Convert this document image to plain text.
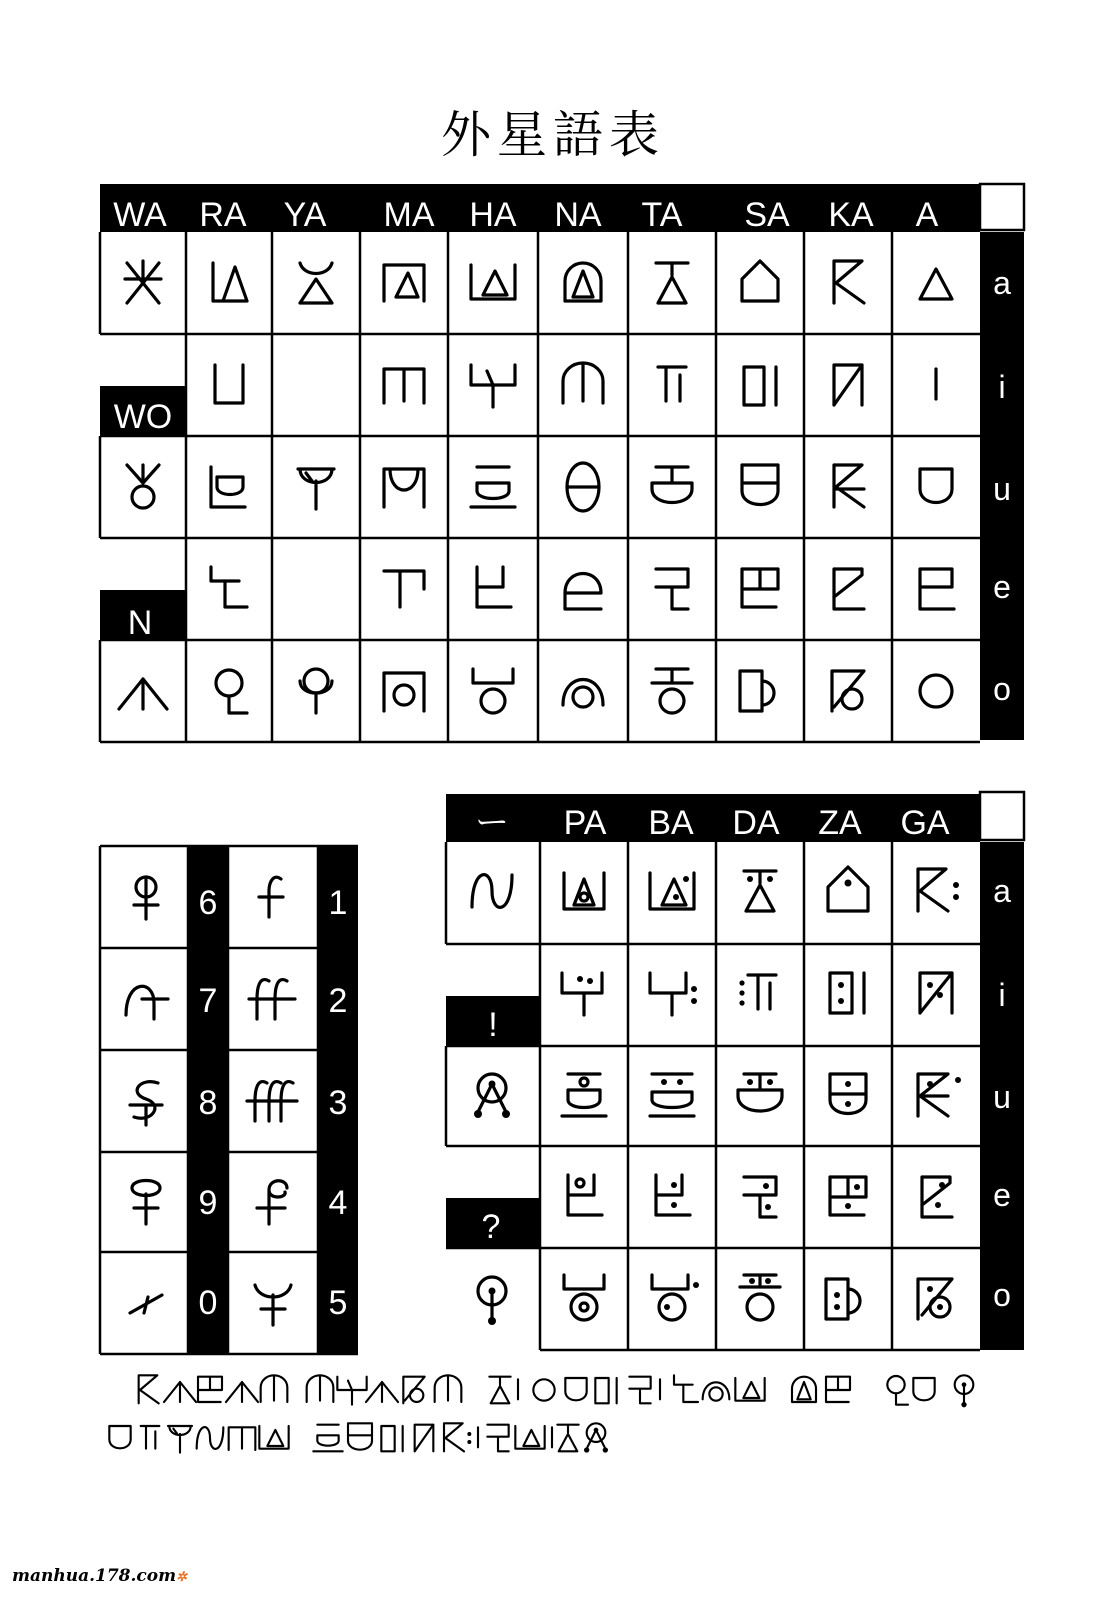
外星語表
WA RA YA MA HA NA TA SA KA A
a
i
u
e
o
WO
N
6
7
8
9
0
1
2
3
4
5
ー PA BA DA ZA GA
a
i
u
e
o
!
?
manhua.178.com✲
